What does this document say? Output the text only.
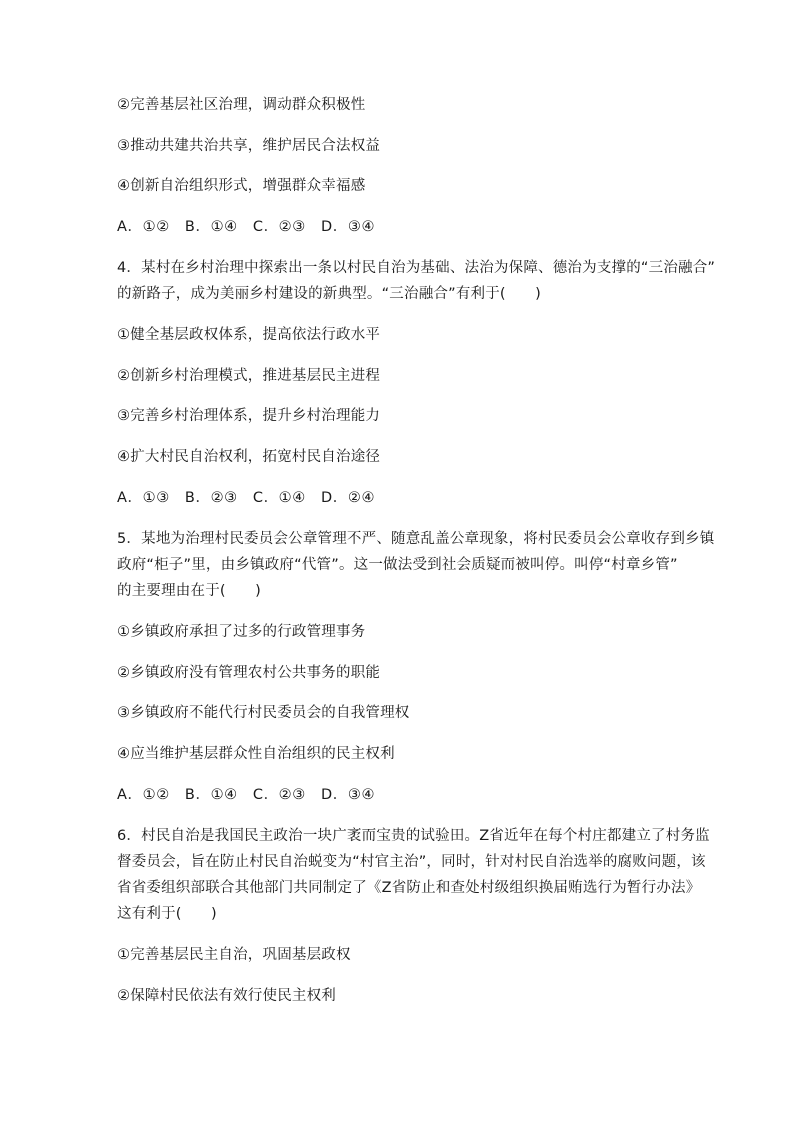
②完善基层社区治理，调动群众积极性
③推动共建共治共享，维护居民合法权益
④创新自治组织形式，增强群众幸福感
A．①②　B．①④　C．②③　D．③④
4．某村在乡村治理中探索出一条以村民自治为基础、法治为保障、德治为支撑的“三治融合”
的新路子，成为美丽乡村建设的新典型。“三治融合”有利于(　　)
①健全基层政权体系，提高依法行政水平
②创新乡村治理模式，推进基层民主进程
③完善乡村治理体系，提升乡村治理能力
④扩大村民自治权利，拓宽村民自治途径
A．①③　B．②③　C．①④　D．②④
5．某地为治理村民委员会公章管理不严、随意乱盖公章现象，将村民委员会公章收存到乡镇
政府“柜子”里，由乡镇政府“代管”。这一做法受到社会质疑而被叫停。叫停“村章乡管”
的主要理由在于(　　)
①乡镇政府承担了过多的行政管理事务
②乡镇政府没有管理农村公共事务的职能
③乡镇政府不能代行村民委员会的自我管理权
④应当维护基层群众性自治组织的民主权利
A．①②　B．①④　C．②③　D．③④
6．村民自治是我国民主政治一块广袤而宝贵的试验田。Z省近年在每个村庄都建立了村务监
督委员会，旨在防止村民自治蜕变为“村官主治”，同时，针对村民自治选举的腐败问题，该
省省委组织部联合其他部门共同制定了《Z省防止和查处村级组织换届贿选行为暂行办法》
这有利于(　　)
①完善基层民主自治，巩固基层政权
②保障村民依法有效行使民主权利
